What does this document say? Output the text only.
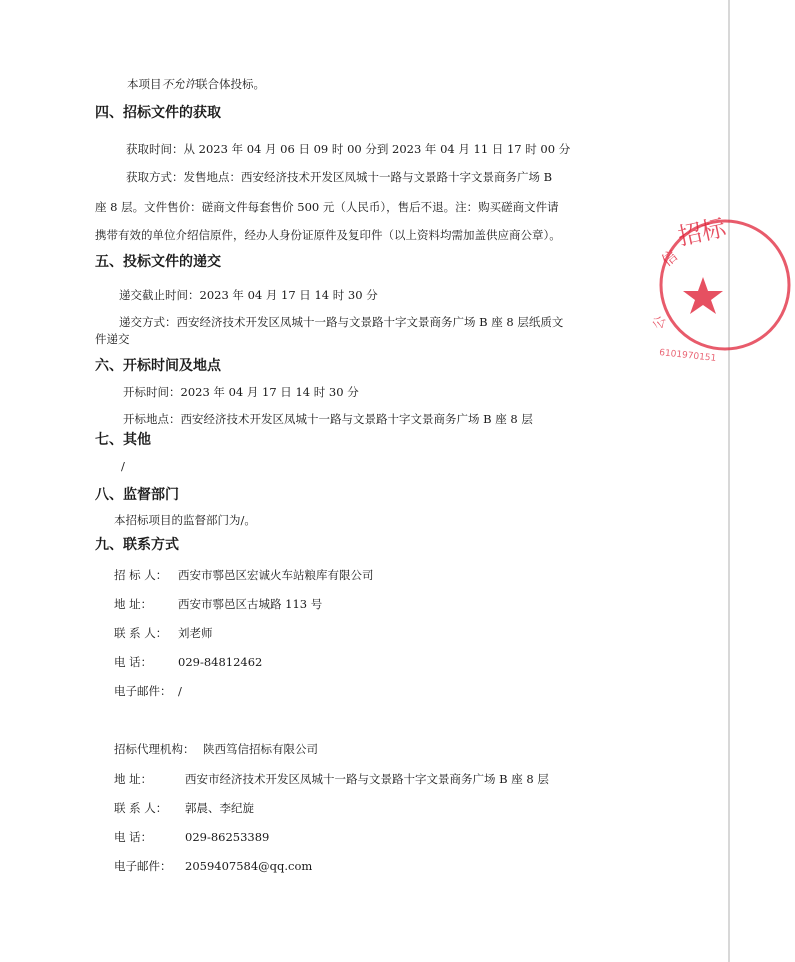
本项目不允许联合体投标。
四、招标文件的获取
获取时间：从 2023 年 04 月 06 日 09 时 00 分到 2023 年 04 月 11 日 17 时 00 分
获取方式：发售地点：西安经济技术开发区凤城十一路与文景路十字文景商务广场 B
座 8 层。文件售价：磋商文件每套售价 500 元（人民币），售后不退。注：购买磋商文件请
携带有效的单位介绍信原件，经办人身份证原件及复印件（以上资料均需加盖供应商公章）。
五、投标文件的递交
递交截止时间：2023 年 04 月 17 日 14 时 30 分
递交方式：西安经济技术开发区凤城十一路与文景路十字文景商务广场 B 座 8 层纸质文
件递交
六、开标时间及地点
开标时间：2023 年 04 月 17 日 14 时 30 分
开标地点：西安经济技术开发区凤城十一路与文景路十字文景商务广场 B 座 8 层
七、其他
/
八、监督部门
本招标项目的监督部门为/。
九、联系方式
招 标 人： 西安市鄠邑区宏诚火车站粮库有限公司
地 址： 西安市鄠邑区古城路 113 号
联 系 人： 刘老师
电 话： 029-84812462
电子邮件： /
招标代理机构： 陕西笃信招标有限公司
地 址：	西安市经济技术开发区凤城十一路与文景路十字文景商务广场 B 座 8 层
联 系 人： 郭晨、李纪旋
电 话：	029-86253389
电子邮件： 2059407584@qq.com
信
招标
公
6101970151
